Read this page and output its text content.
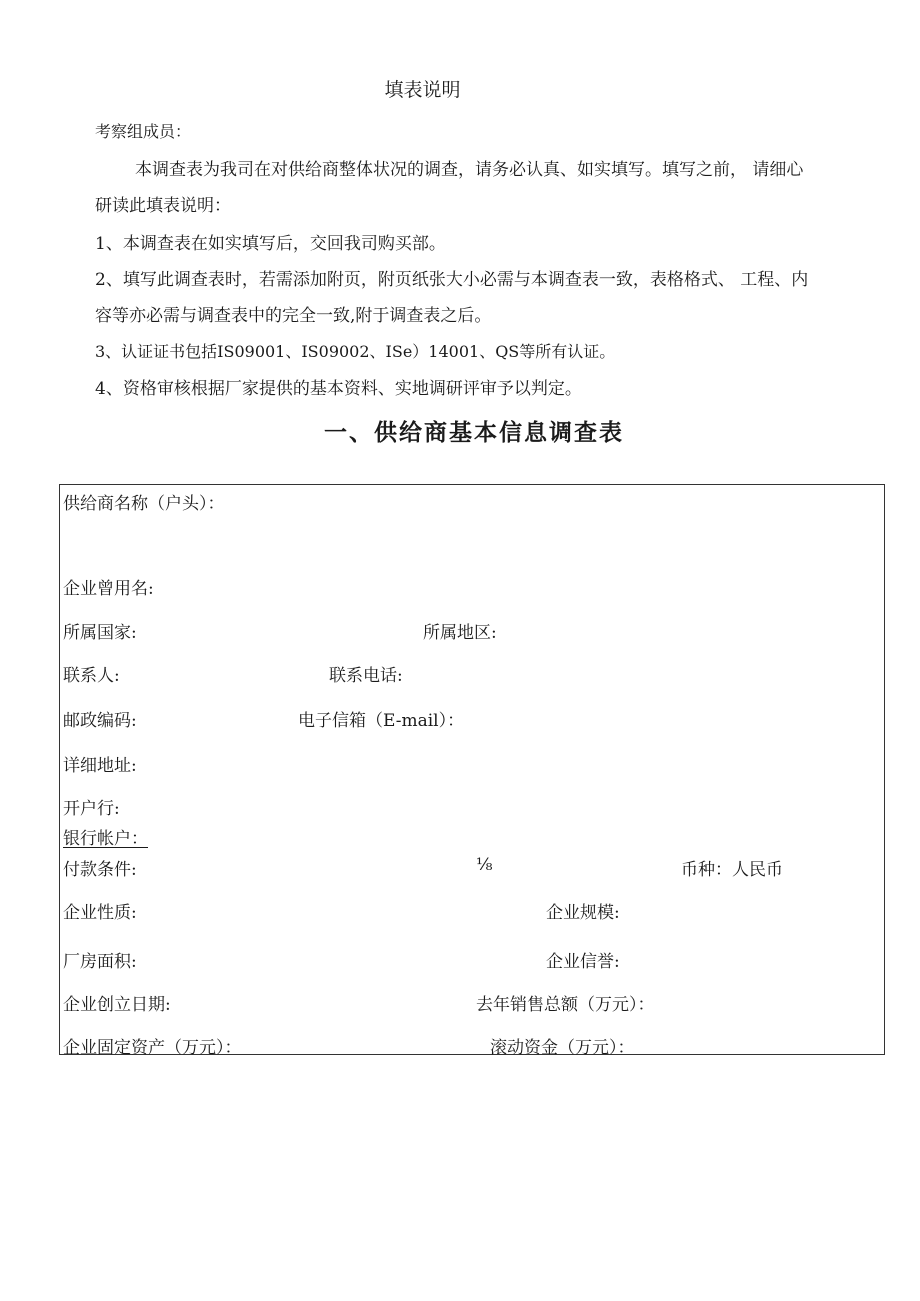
填表说明
考察组成员：
本调查表为我司在对供给商整体状况的调查，请务必认真、如实填写。填写之前， 请细心
研读此填表说明：
1、本调查表在如实填写后，交回我司购买部。
2、填写此调查表时，若需添加附页，附页纸张大小必需与本调查表一致，表格格式、 工程、内
容等亦必需与调查表中的完全一致,附于调查表之后。
3、认证证书包括IS09001、IS09002、ISe）14001、QS等所有认证。
4、资格审核根据厂家提供的基本资料、实地调研评审予以判定。
一、供给商基本信息调查表
供给商名称（户头）：
企业曾用名:
所属国家:	所属地区:
联系人:	联系电话:
邮政编码:	电子信箱（E-mail）：
详细地址:
开户行:
银行帐户：
付款条件:	⅛	币种：人民币
企业性质:	企业规模:
厂房面积:	企业信誉:
企业创立日期:	去年销售总额（万元）：
企业固定资产（万元）：	滚动资金（万元）：
